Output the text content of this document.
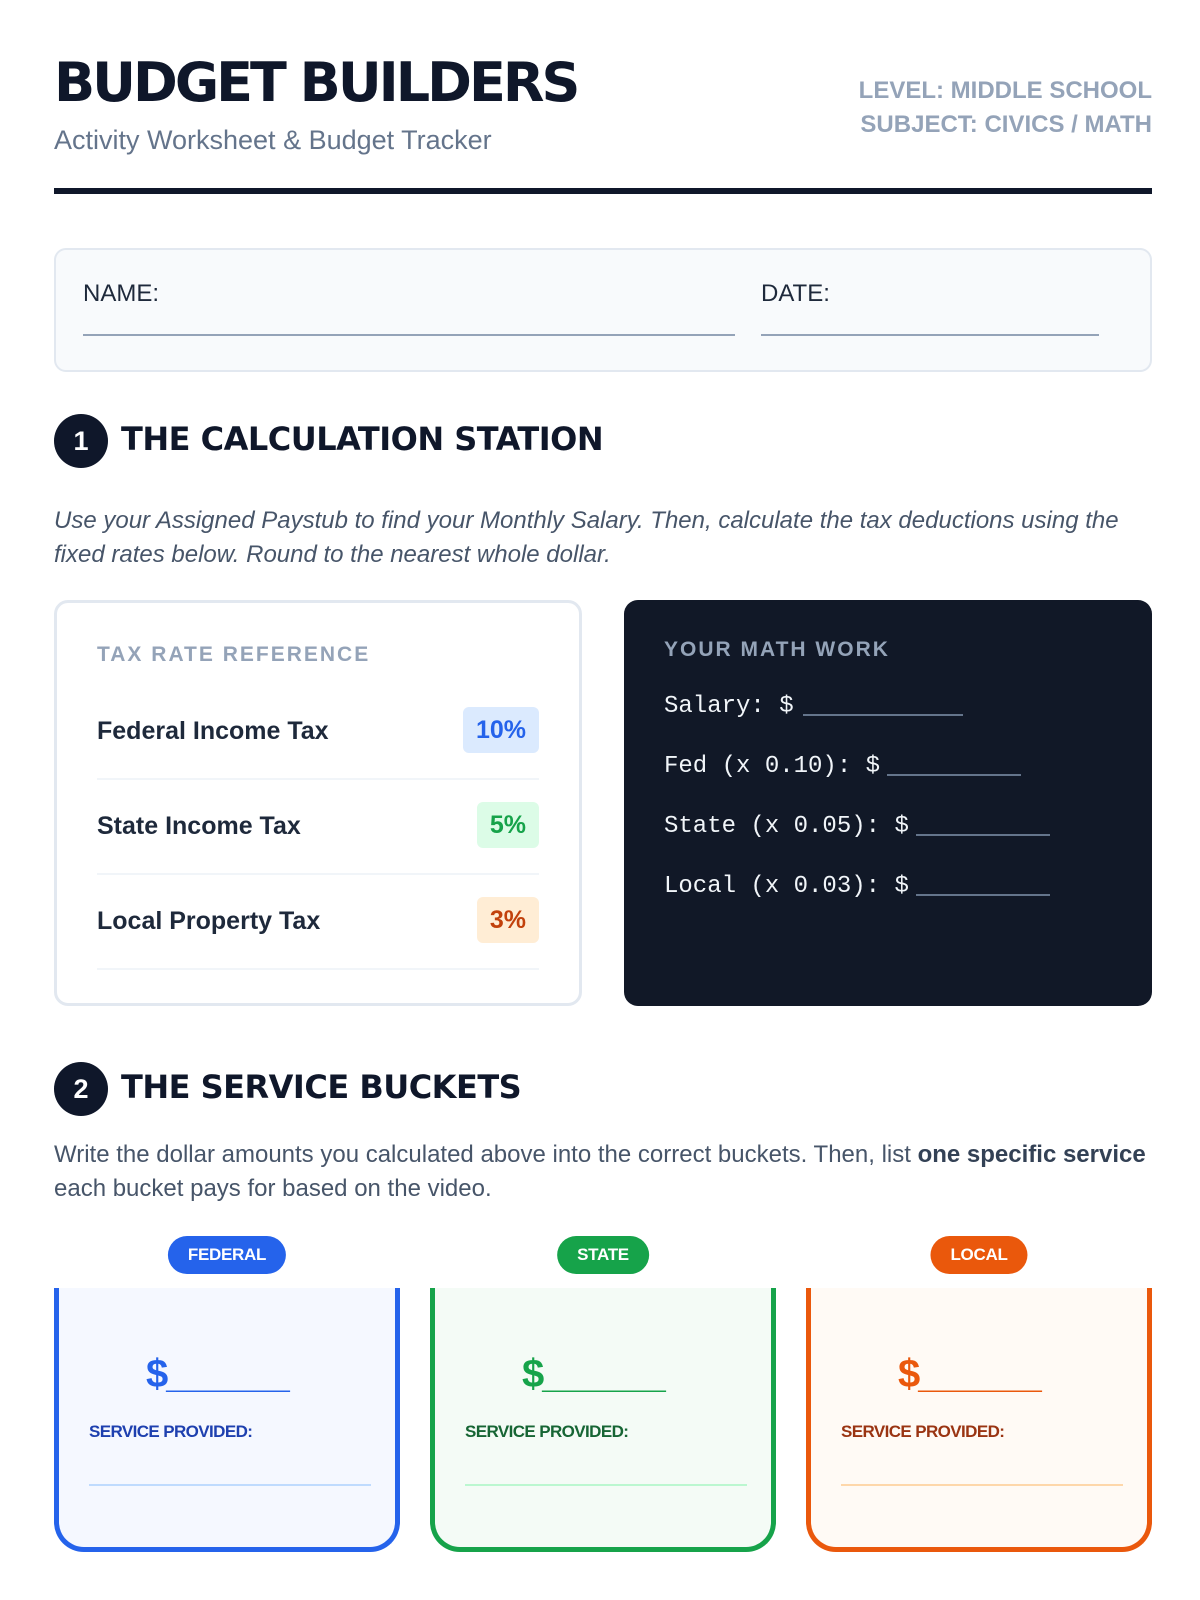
BUDGET BUILDERS
Activity Worksheet & Budget Tracker
LEVEL: MIDDLE SCHOOL
SUBJECT: CIVICS / MATH
NAME:	DATE:
1	THE CALCULATION STATION
Use your Assigned Paystub to find your Monthly Salary. Then, calculate the tax deductions using the fixed rates below. Round to the nearest whole dollar.
TAX RATE REFERENCE
Federal Income Tax	10%
State Income Tax	5%
Local Property Tax	3%
YOUR MATH WORK
Salary: $
Fed (x 0.10): $
State (x 0.05): $
Local (x 0.03): $
2	THE SERVICE BUCKETS
Write the dollar amounts you calculated above into the correct buckets. Then, list one specific service each bucket pays for based on the video.
FEDERAL
$______
SERVICE PROVIDED:
STATE
$______
SERVICE PROVIDED:
LOCAL
$______
SERVICE PROVIDED:
